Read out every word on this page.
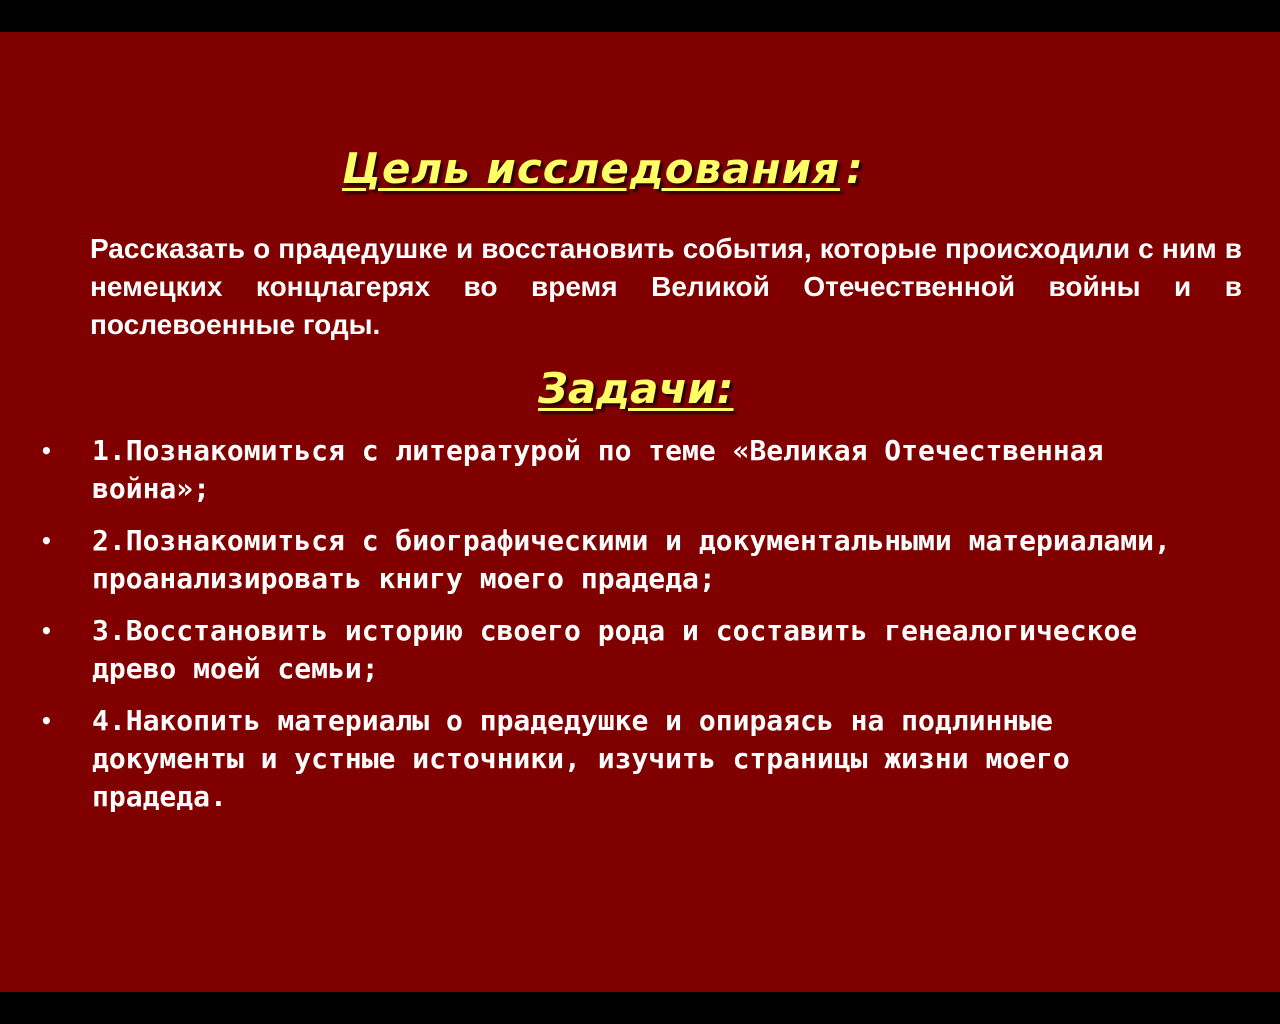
Цель исследования :

Рассказать о прадедушке и восстановить события, которые происходили с ним в немецких концлагерях во время Великой Отечественной войны и в послевоенные годы.

Задачи:
• 1.Познакомиться с литературой по теме «Великая Отечественная война»;
• 2.Познакомиться с биографическими и документальными материалами, проанализировать книгу моего прадеда;
• 3.Восстановить историю своего рода и составить генеалогическое древо моей семьи;
• 4.Накопить материалы о прадедушке и опираясь на подлинные документы и устные источники, изучить страницы жизни моего прадеда.
